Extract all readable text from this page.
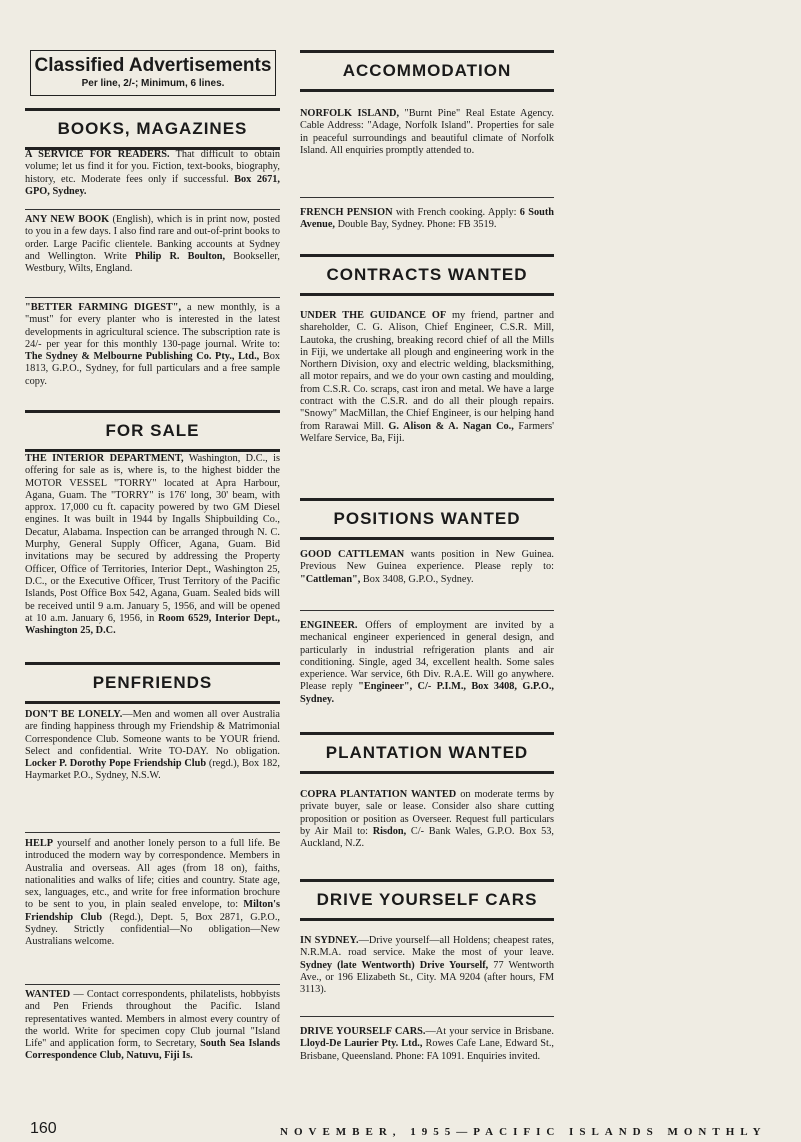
Classified Advertisements
Per line, 2/-; Minimum, 6 lines.
BOOKS, MAGAZINES
A SERVICE FOR READERS. That difficult to obtain volume; let us find it for you. Fiction, text-books, biography, history, etc. Moderate fees only if successful. Box 2671, GPO, Sydney.
ANY NEW BOOK (English), which is in print now, posted to you in a few days. I also find rare and out-of-print books to order. Large Pacific clientele. Banking accounts at Sydney and Wellington. Write Philip R. Boulton, Bookseller, Westbury, Wilts, England.
"BETTER FARMING DIGEST", a new monthly, is a "must" for every planter who is interested in the latest developments in agricultural science. The subscription rate is 24/- per year for this monthly 130-page journal. Write to: The Sydney & Melbourne Publishing Co. Pty., Ltd., Box 1813, G.P.O., Sydney, for full particulars and a free sample copy.
FOR SALE
THE INTERIOR DEPARTMENT, Washington, D.C., is offering for sale as is, where is, to the highest bidder the MOTOR VESSEL "TORRY" located at Apra Harbour, Agana, Guam. The "TORRY" is 176' long, 30' beam, with approx. 17,000 cu ft. capacity powered by two GM Diesel engines. It was built in 1944 by Ingalls Shipbuilding Co., Decatur, Alabama. Inspection can be arranged through N. C. Murphy, General Supply Officer, Agana, Guam. Bid invitations may be secured by addressing the Property Officer, Office of Territories, Interior Dept., Washington 25, D.C., or the Executive Officer, Trust Territory of the Pacific Islands, Post Office Box 542, Agana, Guam. Sealed bids will be received until 9 a.m. January 5, 1956, and will be opened at 10 a.m. January 6, 1956, in Room 6529, Interior Dept., Washington 25, D.C.
PENFRIENDS
DON'T BE LONELY.—Men and women all over Australia are finding happiness through my Friendship & Matrimonial Correspondence Club. Someone wants to be YOUR friend. Select and confidential. Write TO-DAY. No obligation. Locker P. Dorothy Pope Friendship Club (regd.), Box 182, Haymarket P.O., Sydney, N.S.W.
HELP yourself and another lonely person to a full life. Be introduced the modern way by correspondence. Members in Australia and overseas. All ages (from 18 on), faiths, nationalities and walks of life; cities and country. State age, sex, languages, etc., and write for free information brochure to be sent to you, in plain sealed envelope, to: Milton's Friendship Club (Regd.), Dept. 5, Box 2871, G.P.O., Sydney. Strictly confidential—No obligation—New Australians welcome.
WANTED — Contact correspondents, philatelists, hobbyists and Pen Friends throughout the Pacific. Island representatives wanted. Members in almost every country of the world. Write for specimen copy Club journal "Island Life" and application form, to Secretary, South Sea Islands Correspondence Club, Natuvu, Fiji Is.
ACCOMMODATION
NORFOLK ISLAND, "Burnt Pine" Real Estate Agency. Cable Address: "Adage, Norfolk Island". Properties for sale in peaceful surroundings and beautiful climate of Norfolk Island. All enquiries promptly attended to.
FRENCH PENSION with French cooking. Apply: 6 South Avenue, Double Bay, Sydney. Phone: FB 3519.
CONTRACTS WANTED
UNDER THE GUIDANCE OF my friend, partner and shareholder, C. G. Alison, Chief Engineer, C.S.R. Mill, Lautoka, the crushing, breaking record chief of all the Mills in Fiji, we undertake all plough and engineering work in the Northern Division, oxy and electric welding, blacksmithing, all motor repairs, and we do your own casting and moulding, from C.S.R. Co. scraps, cast iron and metal. We have a large contract with the C.S.R. and do all their plough repairs. "Snowy" MacMillan, the Chief Engineer, is our helping hand from Rarawai Mill. G. Alison & A. Nagan Co., Farmers' Welfare Service, Ba, Fiji.
POSITIONS WANTED
GOOD CATTLEMAN wants position in New Guinea. Previous New Guinea experience. Please reply to: "Cattleman", Box 3408, G.P.O., Sydney.
ENGINEER. Offers of employment are invited by a mechanical engineer experienced in general design, and particularly in industrial refrigeration plants and air conditioning. Single, aged 34, excellent health. Some sales experience. War service, 6th Div. R.A.E. Will go anywhere. Please reply "Engineer", C/- P.I.M., Box 3408, G.P.O., Sydney.
PLANTATION WANTED
COPRA PLANTATION WANTED on moderate terms by private buyer, sale or lease. Consider also share cutting proposition or position as Overseer. Request full particulars by Air Mail to: Risdon, C/- Bank Wales, G.P.O. Box 53, Auckland, N.Z.
DRIVE YOURSELF CARS
IN SYDNEY.—Drive yourself—all Holdens; cheapest rates, N.R.M.A. road service. Make the most of your leave. Sydney (late Wentworth) Drive Yourself, 77 Wentworth Ave., or 196 Elizabeth St., City. MA 9204 (after hours, FM 3113).
DRIVE YOURSELF CARS.—At your service in Brisbane. Lloyd-De Laurier Pty. Ltd., Rowes Cafe Lane, Edward St., Brisbane, Queensland. Phone: FA 1091. Enquiries invited.

160	NOVEMBER, 1955—PACIFIC ISLANDS MONTHLY
